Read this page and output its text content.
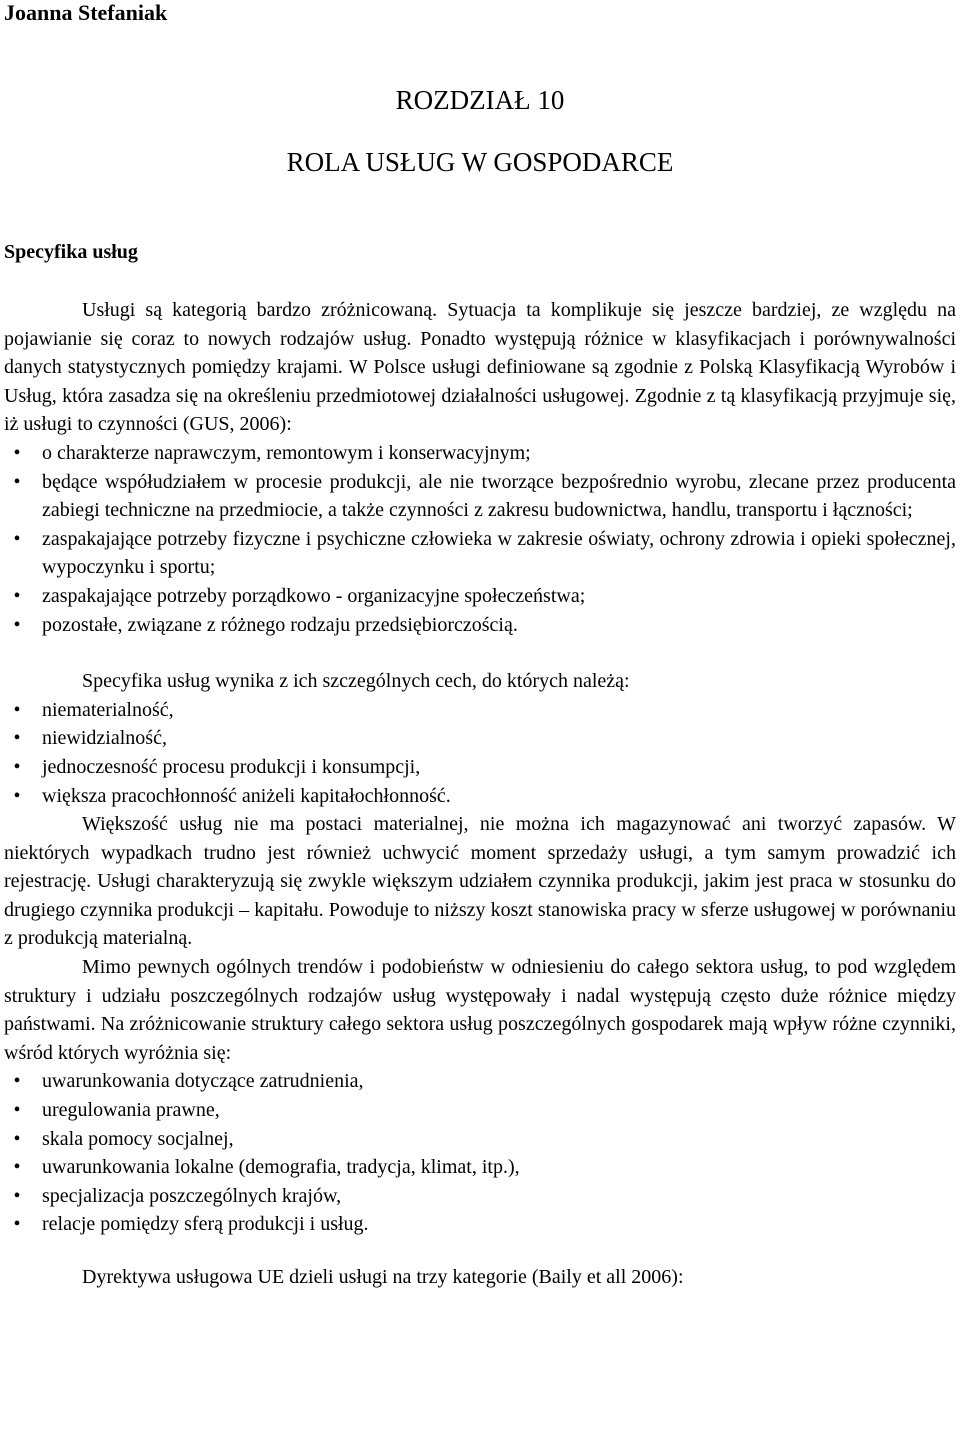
Joanna Stefaniak
ROZDZIAŁ 10
ROLA USŁUG W GOSPODARCE
Specyfika usług

Usługi są kategorią bardzo zróżnicowaną. Sytuacja ta komplikuje się jeszcze bardziej, ze względu na pojawianie się coraz to nowych rodzajów usług. Ponadto występują różnice w klasyfikacjach i porównywalności danych statystycznych pomiędzy krajami. W Polsce usługi definiowane są zgodnie z Polską Klasyfikacją Wyrobów i Usług, która zasadza się na określeniu przedmiotowej działalności usługowej. Zgodnie z tą klasyfikacją przyjmuje się, iż usługi to czynności (GUS, 2006):

•	o charakterze naprawczym, remontowym i konserwacyjnym;
•	będące współudziałem w procesie produkcji, ale nie tworzące bezpośrednio wyrobu, zlecane przez producenta zabiegi techniczne na przedmiocie, a także czynności z zakresu budownictwa, handlu, transportu i łączności;
•	zaspakajające potrzeby fizyczne i psychiczne człowieka w zakresie oświaty, ochrony zdrowia i opieki społecznej, wypoczynku i sportu;
•	zaspakajające potrzeby porządkowo - organizacyjne społeczeństwa;
•	pozostałe, związane z różnego rodzaju przedsiębiorczością.

Specyfika usług wynika z ich szczególnych cech, do których należą:

•	niematerialność,
•	niewidzialność,
•	jednoczesność procesu produkcji i konsumpcji,
•	większa pracochłonność aniżeli kapitałochłonność.

Większość usług nie ma postaci materialnej, nie można ich magazynować ani tworzyć zapasów. W niektórych wypadkach trudno jest również uchwycić moment sprzedaży usługi, a tym samym prowadzić ich rejestrację. Usługi charakteryzują się zwykle większym udziałem czynnika produkcji, jakim jest praca w stosunku do drugiego czynnika produkcji – kapitału. Powoduje to niższy koszt stanowiska pracy w sferze usługowej w porównaniu z produkcją materialną.

Mimo pewnych ogólnych trendów i podobieństw w odniesieniu do całego sektora usług, to pod względem struktury i udziału poszczególnych rodzajów usług występowały i nadal występują często duże różnice między państwami. Na zróżnicowanie struktury całego sektora usług poszczególnych gospodarek mają wpływ różne czynniki, wśród których wyróżnia się:

•	uwarunkowania dotyczące zatrudnienia,
•	uregulowania prawne,
•	skala pomocy socjalnej,
•	uwarunkowania lokalne (demografia, tradycja, klimat, itp.),
•	specjalizacja poszczególnych krajów,
•	relacje pomiędzy sferą produkcji i usług.

Dyrektywa usługowa UE dzieli usługi na trzy kategorie (Baily et all 2006):
